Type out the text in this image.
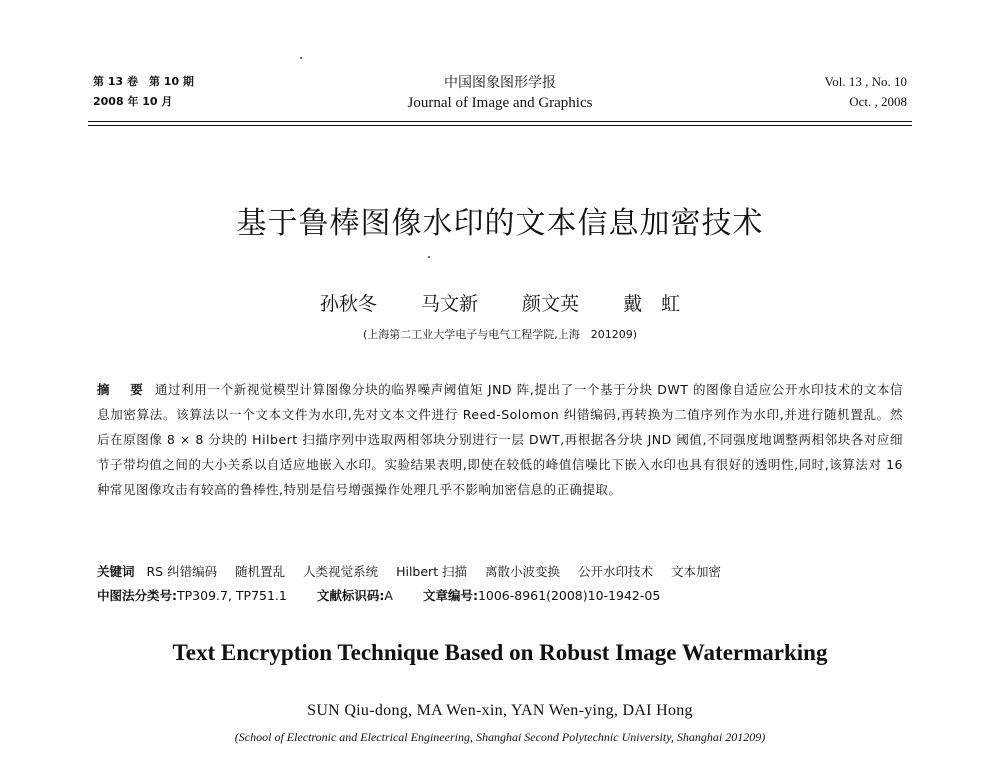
第 13 卷　第 10 期
2008 年 10 月
中国图象图形学报
Journal of Image and Graphics
Vol. 13 , No. 10
Oct. , 2008
基于鲁棒图像水印的文本信息加密技术
孙秋冬 马文新 颜文英 戴　虹
(上海第二工业大学电子与电气工程学院,上海　201209)
摘　要 通过利用一个新视觉模型计算图像分块的临界噪声阈值矩 JND 阵,提出了一个基于分块 DWT 的图像自适应公开水印技术的文本信息加密算法。该算法以一个文本文件为水印,先对文本文件进行 Reed-Solomon 纠错编码,再转换为二值序列作为水印,并进行随机置乱。然后在原图像 8 × 8 分块的 Hilbert 扫描序列中选取两相邻块分别进行一层 DWT,再根据各分块 JND 阈值,不同强度地调整两相邻块各对应细节子带均值之间的大小关系以自适应地嵌入水印。实验结果表明,即使在较低的峰值信噪比下嵌入水印也具有很好的透明性,同时,该算法对 16 种常见图像攻击有较高的鲁棒性,特别是信号增强操作处理几乎不影响加密信息的正确提取。
关键词 RS 纠错编码 随机置乱 人类视觉系统 Hilbert 扫描 离散小波变换 公开水印技术 文本加密
中图法分类号:TP309.7, TP751.1 文献标识码:A 文章编号:1006-8961(2008)10-1942-05
Text Encryption Technique Based on Robust Image Watermarking
SUN Qiu-dong, MA Wen-xin, YAN Wen-ying, DAI Hong
(School of Electronic and Electrical Engineering, Shanghai Second Polytechnic University, Shanghai 201209)
